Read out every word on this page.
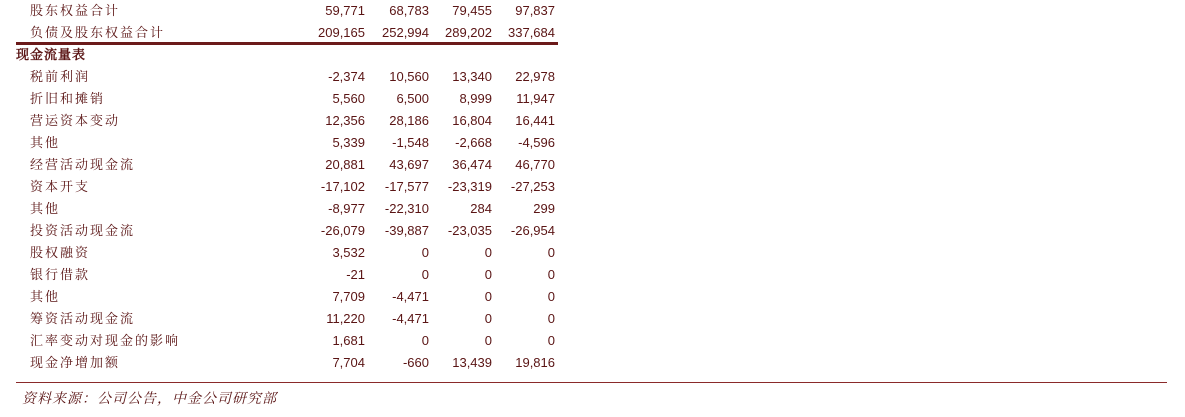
股东权益合计	59,771 68,783 79,455 97,837
负债及股东权益合计	209,165 252,994 289,202 337,684
现金流量表
税前利润	-2,374 10,560 13,340 22,978
折旧和摊销	5,560 6,500 8,999 11,947
营运资本变动	12,356 28,186 16,804 16,441
其他	5,339 -1,548 -2,668 -4,596
经营活动现金流	20,881 43,697 36,474 46,770
资本开支	-17,102 -17,577 -23,319 -27,253
其他	-8,977 -22,310	284	299
投资活动现金流	-26,079 -39,887 -23,035 -26,954
股权融资	3,532	0	0	0
银行借款	-21	0	0	0
其他	7,709 -4,471	0	0
筹资活动现金流	11,220 -4,471	0	0
汇率变动对现金的影响	1,681	0	0	0
现金净增加额	7,704	-660 13,439 19,816
资料来源：公司公告，中金公司研究部
